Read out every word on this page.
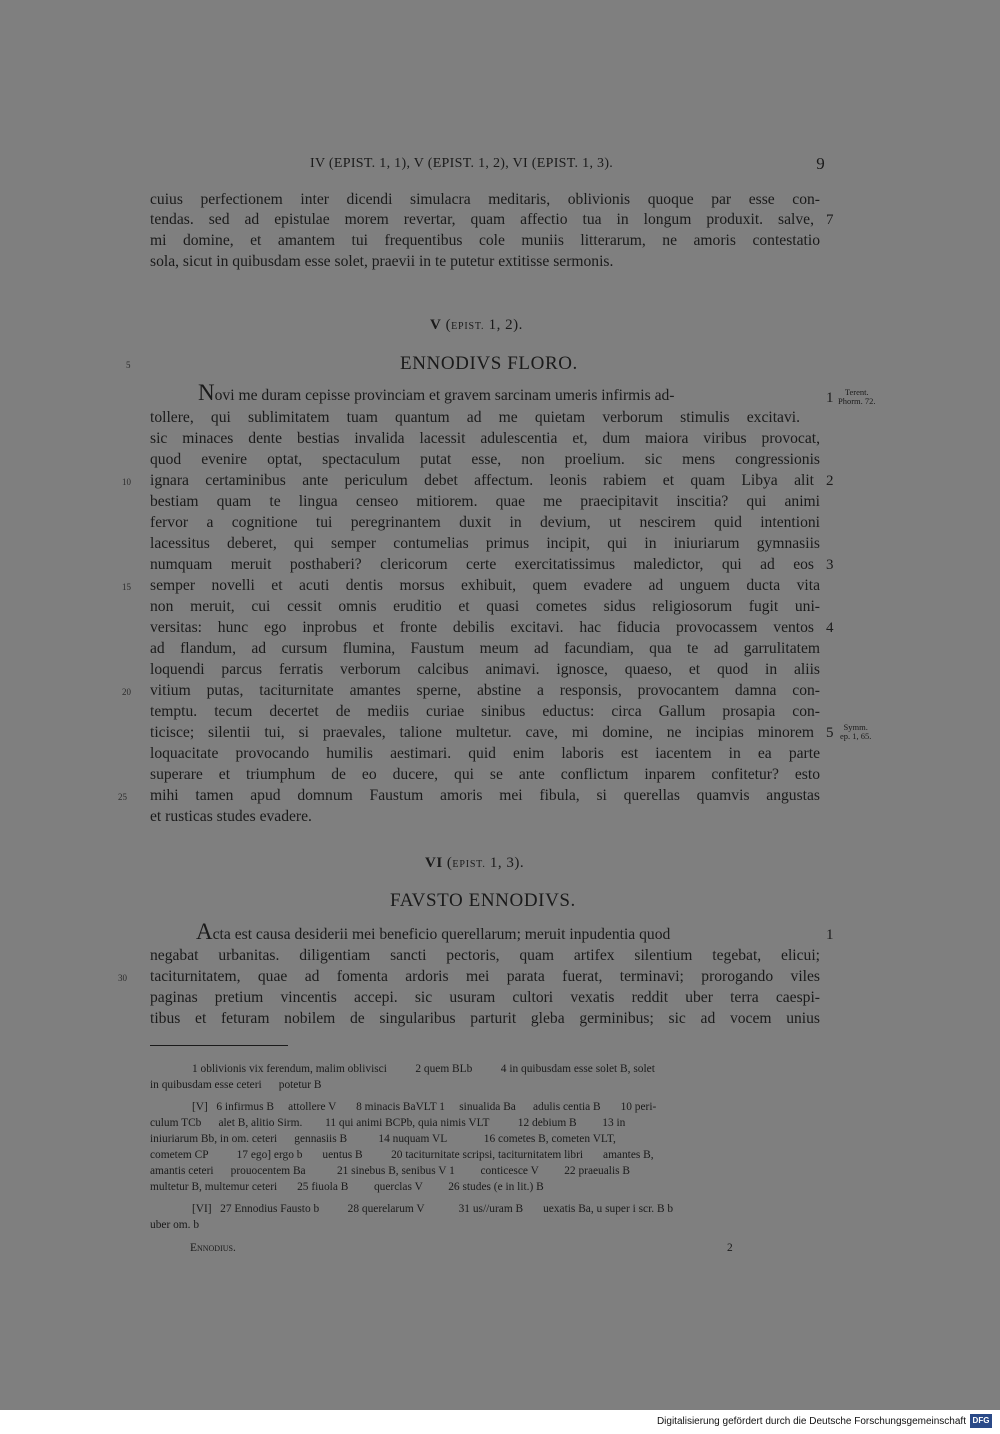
IV (EPIST. 1, 1), V (EPIST. 1, 2), VI (EPIST. 1, 3).	9
cuius perfectionem inter dicendi simulacra meditaris, oblivionis quoque par esse con-
tendas. sed ad epistulae morem revertar, quam affectio tua in longum produxit. salve, 7
mi domine, et amantem tui frequentibus cole muniis litterarum, ne amoris contestatio
sola, sicut in quibusdam esse solet, praevii in te putetur extitisse sermonis.
V (EPIST. 1, 2).
5	ENNODIVS FLORO.
Novi me duram cepisse provinciam et gravem sarcinam umeris infirmis ad-	1	Terent.
Phorm. 72.
tollere, qui sublimitatem tuam quantum ad me quietam verborum stimulis excitavi.
sic minaces dente bestias invalida lacessit adulescentia et, dum maiora viribus provocat,
quod evenire optat, spectaculum putat esse, non proelium. sic mens congressionis
10 ignara certaminibus ante periculum debet affectum. leonis rabiem et quam Libya alit 2
bestiam quam te lingua censeo mitiorem. quae me praecipitavit inscitia? qui animi
fervor a cognitione tui peregrinantem duxit in devium, ut nescirem quid intentioni
lacessitus deberet, qui semper contumelias primus incipit, qui in iniuriarum gymnasiis
numquam meruit posthaberi? clericorum certe exercitatissimus maledictor, qui ad eos 3
15 semper novelli et acuti dentis morsus exhibuit, quem evadere ad unguem ducta vita
non meruit, cui cessit omnis eruditio et quasi cometes sidus religiosorum fugit uni-
versitas: hunc ego inprobus et fronte debilis excitavi. hac fiducia provocassem ventos 4
ad flandum, ad cursum flumina, Faustum meum ad facundiam, qua te ad garrulitatem
loquendi parcus ferratis verborum calcibus animavi. ignosce, quaeso, et quod in aliis
20 vitium putas, taciturnitate amantes sperne, abstine a responsis, provocantem damna con-
temptu. tecum decertet de mediis curiae sinibus eductus: circa Gallum prosapia con-
ticisce; silentii tui, si praevales, talione multetur. cave, mi domine, ne incipias minorem 5	Symm.
ep. 1, 65.
loquacitate provocando humilis aestimari. quid enim laboris est iacentem in ea parte
superare et triumphum de eo ducere, qui se ante conflictum inparem confitetur? esto
25 mihi tamen apud domnum Faustum amoris mei fibula, si querellas quamvis angustas
et rusticas studes evadere.
VI (EPIST. 1, 3).
FAVSTO ENNODIVS.
Acta est causa desiderii mei beneficio querellarum; meruit inpudentia quod	1
negabat urbanitas. diligentiam sancti pectoris, quam artifex silentium tegebat, elicui;
30 taciturnitatem, quae ad fomenta ardoris mei parata fuerat, terminavi; prorogando viles
paginas pretium vincentis accepi. sic usuram cultori vexatis reddit uber terra caespi-
tibus et feturam nobilem de singularibus parturit gleba germinibus; sic ad vocem unius
1 oblivionis vix ferendum, malim oblivisci          2 quem BLb          4 in quibusdam esse solet B, solet
in quibusdam esse ceteri      potetur B
[V]   6 infirmus B     attollere V       8 minacis BaVLT 1     sinualida Ba      adulis centia B       10 peri-
culum TCb      alet B, alitio Sirm.        11 qui animi BCPb, quia nimis VLT          12 debium B         13 in
iniuriarum Bb, in om. ceteri      gennasiis B           14 nuquam VL             16 cometes B, cometen VLT,
cometem CP          17 ego] ergo b       uentus B          20 taciturnitate scripsi, taciturnitatem libri       amantes B,
amantis ceteri      prouocentem Ba           21 sinebus B, senibus V 1         conticesce V         22 praeualis B
multetur B, multemur ceteri       25 fiuola B         querclas V         26 studes (e in lit.) B
[VI]   27 Ennodius Fausto b          28 querelarum V            31 us//uram B       uexatis Ba, u super i scr. B b
uber om. b
Ennodius.	2
Digitalisierung gefördert durch die Deutsche Forschungsgemeinschaft DFG
